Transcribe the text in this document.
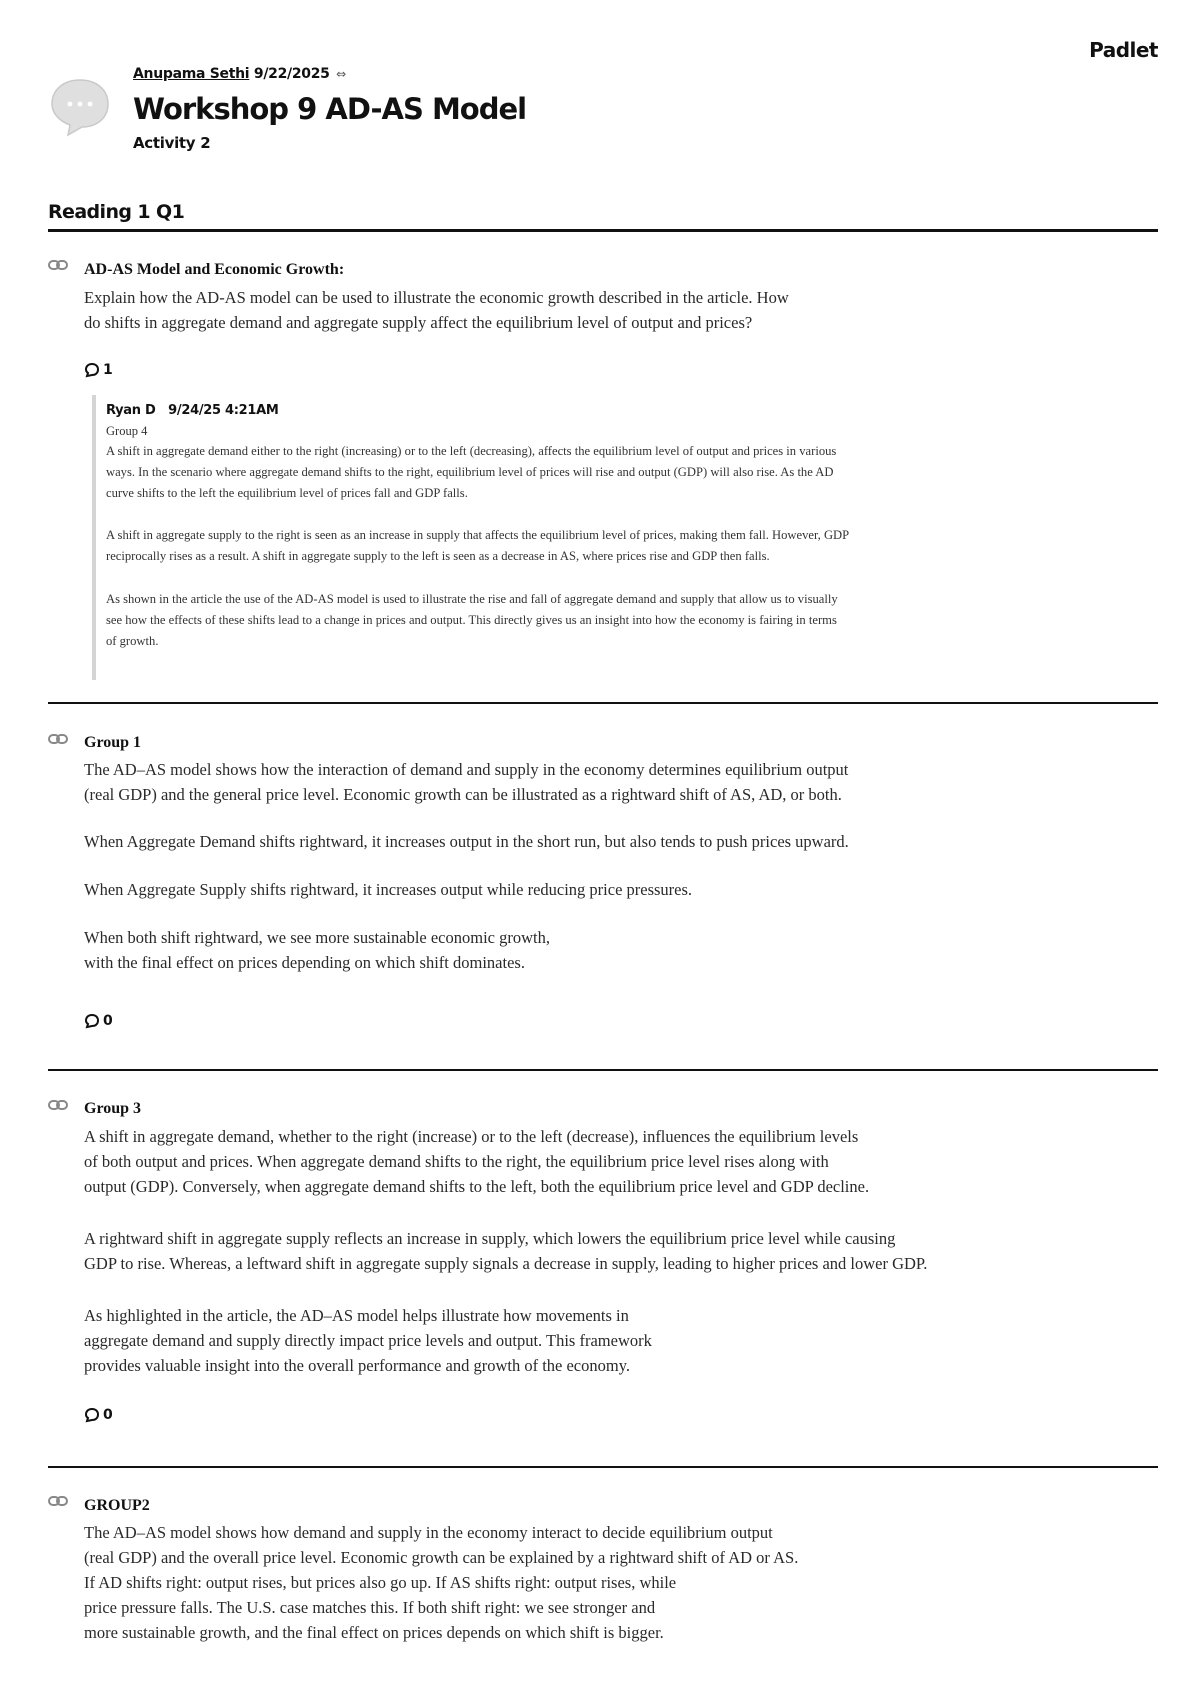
Padlet
Anupama Sethi 9/22/2025 ⇔
Workshop 9 AD-AS Model
Activity 2
Reading 1 Q1
AD-AS Model and Economic Growth:
Explain how the AD-AS model can be used to illustrate the economic growth described in the article. How
do shifts in aggregate demand and aggregate supply affect the equilibrium level of output and prices?
1
Ryan D 9/24/25 4:21AM
Group 4
A shift in aggregate demand either to the right (increasing) or to the left (decreasing), affects the equilibrium level of output and prices in various
ways. In the scenario where aggregate demand shifts to the right, equilibrium level of prices will rise and output (GDP) will also rise. As the AD
curve shifts to the left the equilibrium level of prices fall and GDP falls.
A shift in aggregate supply to the right is seen as an increase in supply that affects the equilibrium level of prices, making them fall. However, GDP
reciprocally rises as a result. A shift in aggregate supply to the left is seen as a decrease in AS, where prices rise and GDP then falls.
As shown in the article the use of the AD-AS model is used to illustrate the rise and fall of aggregate demand and supply that allow us to visually
see how the effects of these shifts lead to a change in prices and output. This directly gives us an insight into how the economy is fairing in terms
of growth.
Group 1
The AD–AS model shows how the interaction of demand and supply in the economy determines equilibrium output
(real GDP) and the general price level. Economic growth can be illustrated as a rightward shift of AS, AD, or both.
When Aggregate Demand shifts rightward, it increases output in the short run, but also tends to push prices upward.
When Aggregate Supply shifts rightward, it increases output while reducing price pressures.
When both shift rightward, we see more sustainable economic growth,
with the final effect on prices depending on which shift dominates.
0
Group 3
A shift in aggregate demand, whether to the right (increase) or to the left (decrease), influences the equilibrium levels
of both output and prices. When aggregate demand shifts to the right, the equilibrium price level rises along with
output (GDP). Conversely, when aggregate demand shifts to the left, both the equilibrium price level and GDP decline.
A rightward shift in aggregate supply reflects an increase in supply, which lowers the equilibrium price level while causing
GDP to rise. Whereas, a leftward shift in aggregate supply signals a decrease in supply, leading to higher prices and lower GDP.
As highlighted in the article, the AD–AS model helps illustrate how movements in
aggregate demand and supply directly impact price levels and output. This framework
provides valuable insight into the overall performance and growth of the economy.
0
GROUP2
The AD–AS model shows how demand and supply in the economy interact to decide equilibrium output
(real GDP) and the overall price level. Economic growth can be explained by a rightward shift of AD or AS.
If AD shifts right: output rises, but prices also go up. If AS shifts right: output rises, while
price pressure falls. The U.S. case matches this. If both shift right: we see stronger and
more sustainable growth, and the final effect on prices depends on which shift is bigger.
